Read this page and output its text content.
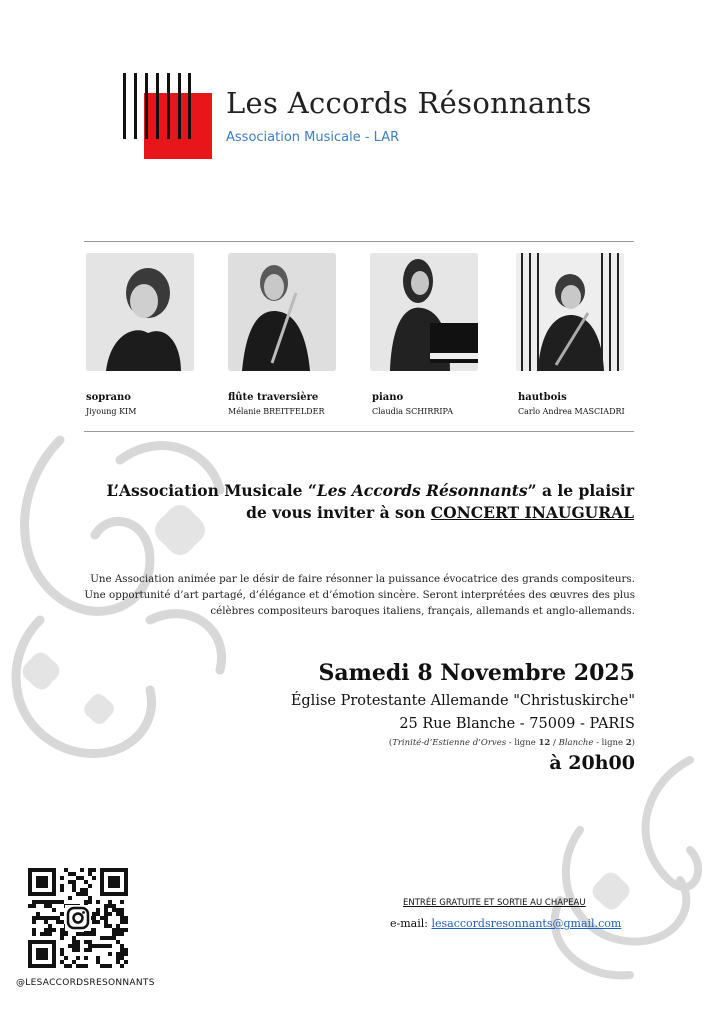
Les Accords Résonnants
Association Musicale - LAR
soprano
Jiyoung KIM
flûte traversière
Mélanie BREITFELDER
piano
Claudia SCHIRRIPA
hautbois
Carlo Andrea MASCIADRI
L’Association Musicale “Les Accords Résonnants” a le plaisir
de vous inviter à son CONCERT INAUGURAL
Une Association animée par le désir de faire résonner la puissance évocatrice des grands compositeurs.
Une opportunité d’art partagé, d’élégance et d’émotion sincère. Seront interprétées des œuvres des plus
célèbres compositeurs baroques italiens, français, allemands et anglo-allemands.
Samedi 8 Novembre 2025
Église Protestante Allemande "Christuskirche"
25 Rue Blanche - 75009 - PARIS
(Trinité-d’Estienne d’Orves - ligne 12 / Blanche - ligne 2)
à 20h00
@LESACCORDSRESONNANTS
ENTRÉE GRATUITE ET SORTIE AU CHAPEAU
e-mail: lesaccordsresonnants@gmail.com
